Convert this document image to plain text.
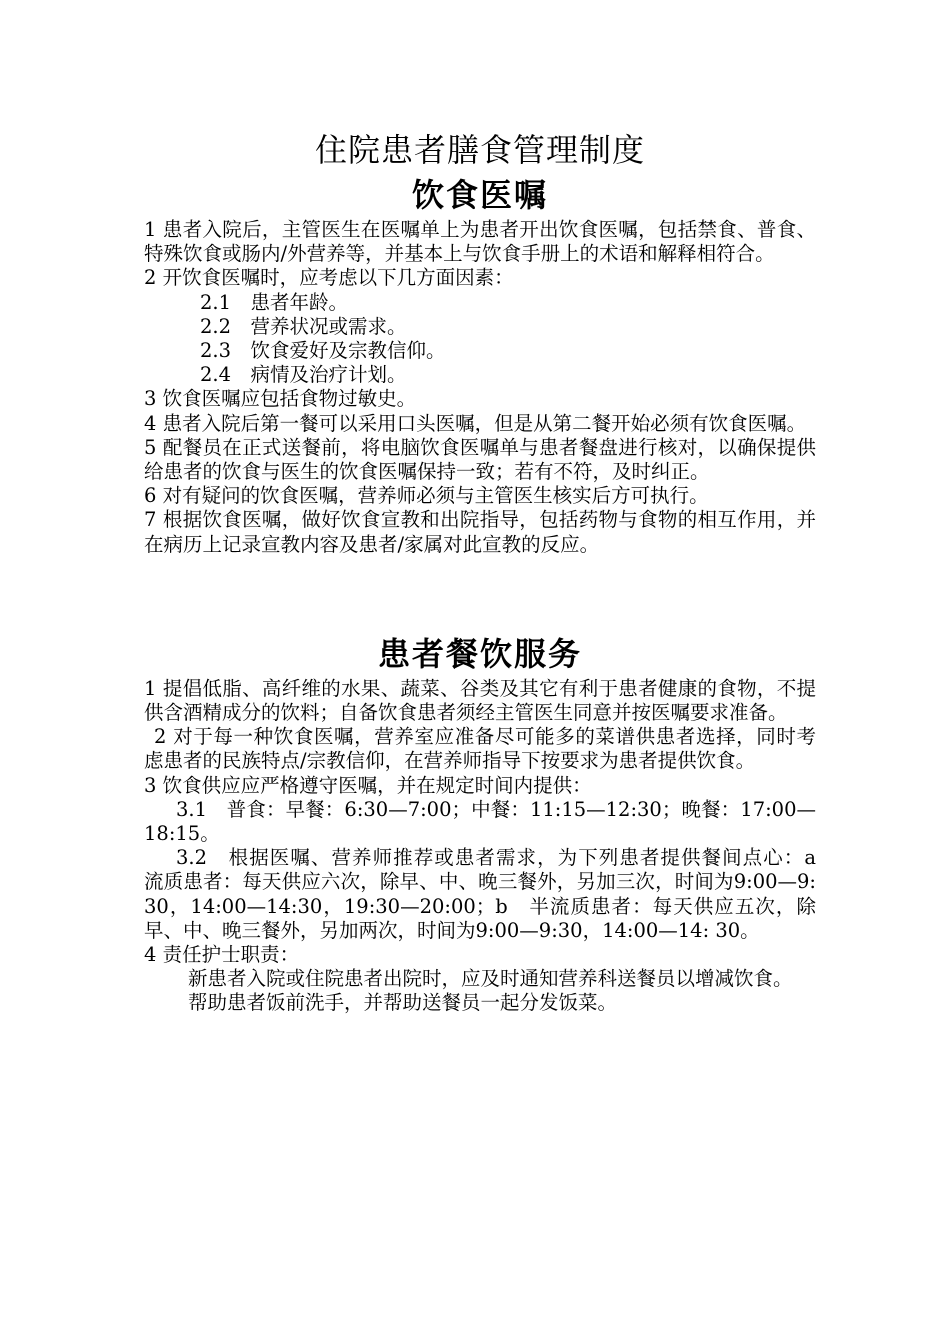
住院患者膳食管理制度
饮食医嘱

1 患者入院后，主管医生在医嘱单上为患者开出饮食医嘱，包括禁食、普食、特殊饮食或肠内/外营养等，并基本上与饮食手册上的术语和解释相符合。

2 开饮食医嘱时，应考虑以下几方面因素：

2.1　患者年龄。

2.2　营养状况或需求。

2.3　饮食爱好及宗教信仰。

2.4　病情及治疗计划。

3 饮食医嘱应包括食物过敏史。

4 患者入院后第一餐可以采用口头医嘱，但是从第二餐开始必须有饮食医嘱。

5 配餐员在正式送餐前，将电脑饮食医嘱单与患者餐盘进行核对，以确保提供给患者的饮食与医生的饮食医嘱保持一致；若有不符，及时纠正。

6 对有疑问的饮食医嘱，营养师必须与主管医生核实后方可执行。

7 根据饮食医嘱，做好饮食宣教和出院指导，包括药物与食物的相互作用，并在病历上记录宣教内容及患者/家属对此宣教的反应。

患者餐饮服务

1 提倡低脂、高纤维的水果、蔬菜、谷类及其它有利于患者健康的食物，不提供含酒精成分的饮料；自备饮食患者须经主管医生同意并按医嘱要求准备。

2 对于每一种饮食医嘱，营养室应准备尽可能多的菜谱供患者选择，同时考虑患者的民族特点/宗教信仰，在营养师指导下按要求为患者提供饮食。

3 饮食供应应严格遵守医嘱，并在规定时间内提供：

3.1　普食：早餐：6:30—7:00；中餐：11:15—12:30；晚餐：17:00—18:15。

3.2　根据医嘱、营养师推荐或患者需求，为下列患者提供餐间点心：a　流质患者：每天供应六次，除早、中、晚三餐外，另加三次，时间为9:00—9:30，14:00—14:30，19:30—20:00；b　半流质患者：每天供应五次，除早、中、晚三餐外，另加两次，时间为9:00—9:30，14:00—14: 30。

4 责任护士职责：

新患者入院或住院患者出院时，应及时通知营养科送餐员以增减饮食。

帮助患者饭前洗手，并帮助送餐员一起分发饭菜。
